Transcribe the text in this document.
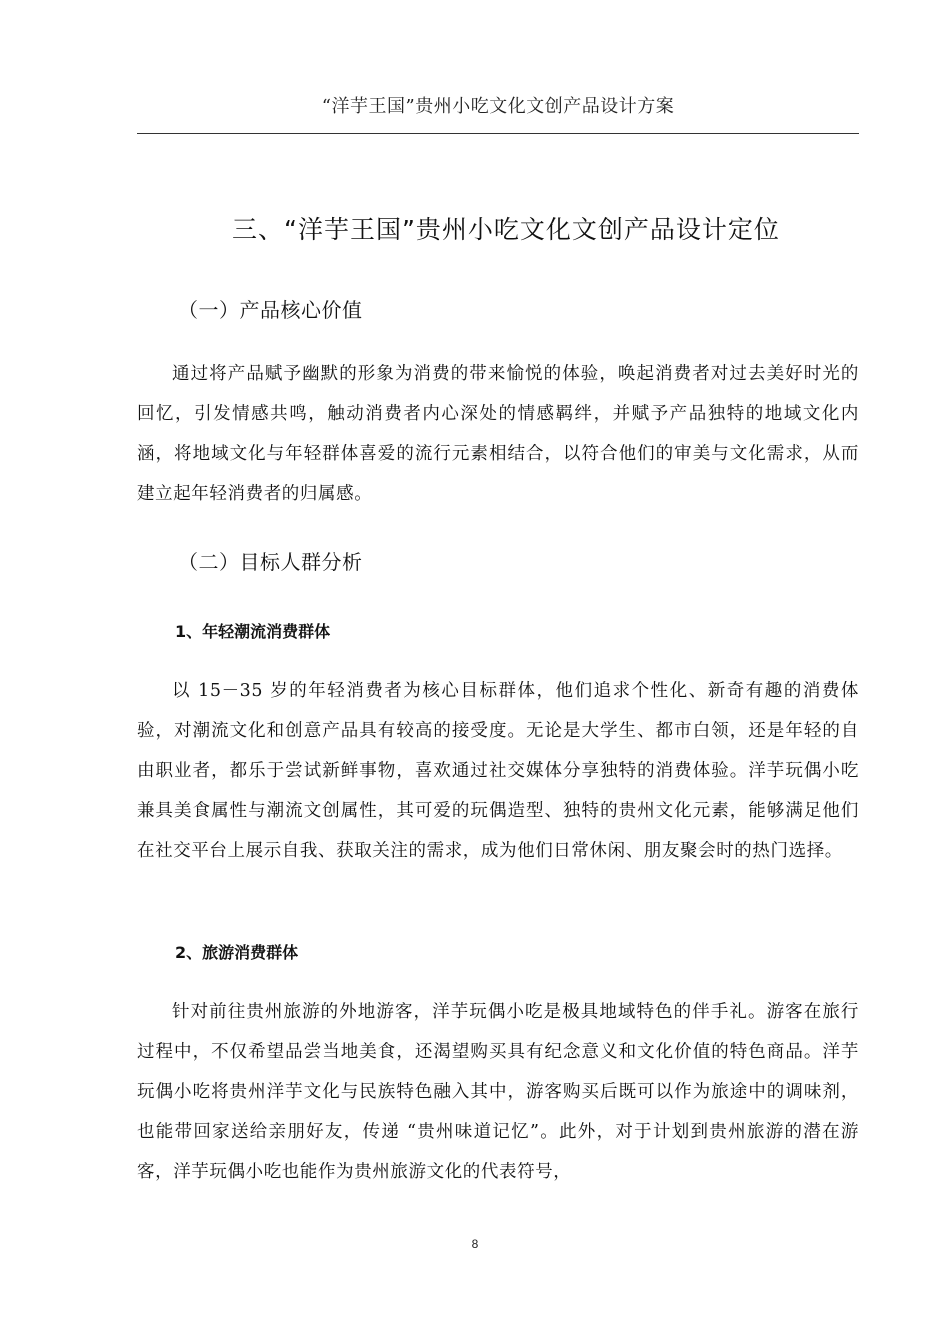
“洋芋王国”贵州小吃文化文创产品设计方案
三、“洋芋王国”贵州小吃文化文创产品设计定位
（一）产品核心价值

通过将产品赋予幽默的形象为消费的带来愉悦的体验，唤起消费者对过去美好时光的回忆，引发情感共鸣，触动消费者内心深处的情感羁绊，并赋予产品独特的地域文化内涵，将地域文化与年轻群体喜爱的流行元素相结合，以符合他们的审美与文化需求，从而建立起年轻消费者的归属感。

（二）目标人群分析
1、年轻潮流消费群体

以 15－35 岁的年轻消费者为核心目标群体，他们追求个性化、新奇有趣的消费体验，对潮流文化和创意产品具有较高的接受度。无论是大学生、都市白领，还是年轻的自由职业者，都乐于尝试新鲜事物，喜欢通过社交媒体分享独特的消费体验。洋芋玩偶小吃兼具美食属性与潮流文创属性，其可爱的玩偶造型、独特的贵州文化元素，能够满足他们在社交平台上展示自我、获取关注的需求，成为他们日常休闲、朋友聚会时的热门选择。

2、旅游消费群体

针对前往贵州旅游的外地游客，洋芋玩偶小吃是极具地域特色的伴手礼。游客在旅行过程中，不仅希望品尝当地美食，还渴望购买具有纪念意义和文化价值的特色商品。洋芋玩偶小吃将贵州洋芋文化与民族特色融入其中，游客购买后既可以作为旅途中的调味剂，也能带回家送给亲朋好友，传递 “贵州味道记忆”。此外，对于计划到贵州旅游的潜在游客，洋芋玩偶小吃也能作为贵州旅游文化的代表符号，

8
